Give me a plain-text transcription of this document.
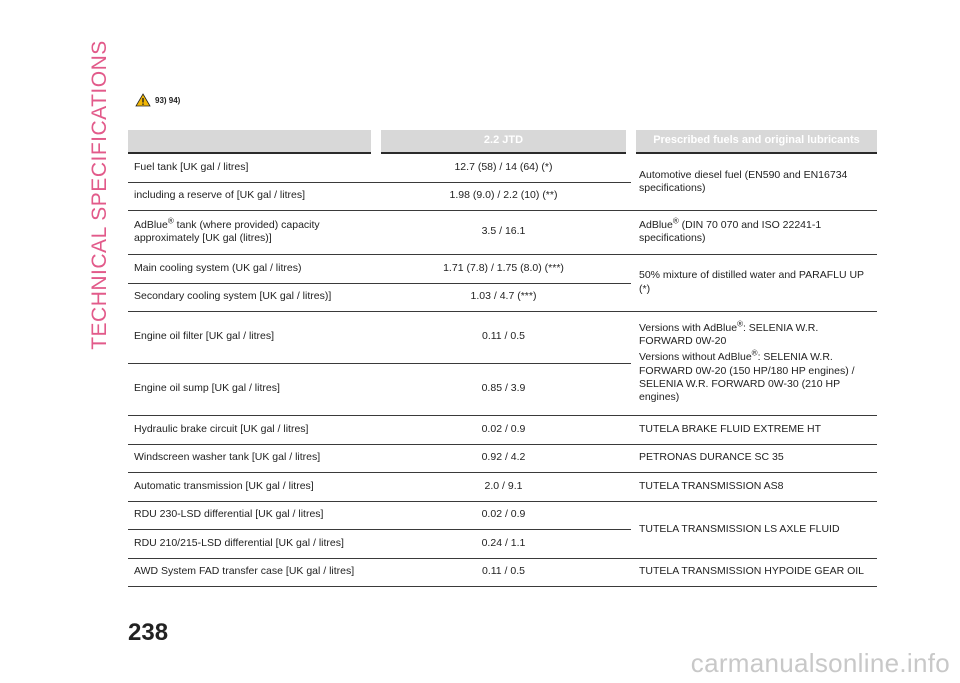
TECHNICAL SPECIFICATIONS	93) 94)
	2.2 JTD	Prescribed fuels and original lubricants
Fuel tank [UK gal / litres]	12.7 (58) / 14 (64) (*)	Automotive diesel fuel (EN590 and EN16734 specifications)
including a reserve of [UK gal / litres]	1.98 (9.0) / 2.2 (10) (**)	
AdBlue® tank (where provided) capacity approximately [UK gal (litres)]	3.5 / 16.1	AdBlue® (DIN 70 070 and ISO 22241-1 specifications)
Main cooling system (UK gal / litres)	1.71 (7.8) / 1.75 (8.0) (***)	50% mixture of distilled water and PARAFLU UP (*)
Secondary cooling system [UK gal / litres)]	1.03 / 4.7 (***)	
Engine oil filter [UK gal / litres]	0.11 / 0.5	Versions with AdBlue®: SELENIA W.R. FORWARD 0W-20
Versions without AdBlue®: SELENIA W.R. FORWARD 0W-20 (150 HP/180 HP engines) / SELENIA W.R. FORWARD 0W-30 (210 HP engines)

Engine oil sump [UK gal / litres]	0.85 / 3.9	
Hydraulic brake circuit [UK gal / litres]	0.02 / 0.9	TUTELA BRAKE FLUID EXTREME HT
Windscreen washer tank [UK gal / litres]	0.92 / 4.2	PETRONAS DURANCE SC 35
Automatic transmission [UK gal / litres]	2.0 / 9.1	TUTELA TRANSMISSION AS8
RDU 230-LSD differential [UK gal / litres]	0.02 / 0.9	TUTELA TRANSMISSION LS AXLE FLUID
RDU 210/215-LSD differential [UK gal / litres]	0.24 / 1.1	
AWD System FAD transfer case [UK gal / litres]	0.11 / 0.5	TUTELA TRANSMISSION HYPOIDE GEAR OIL
238
carmanualsonline.info
